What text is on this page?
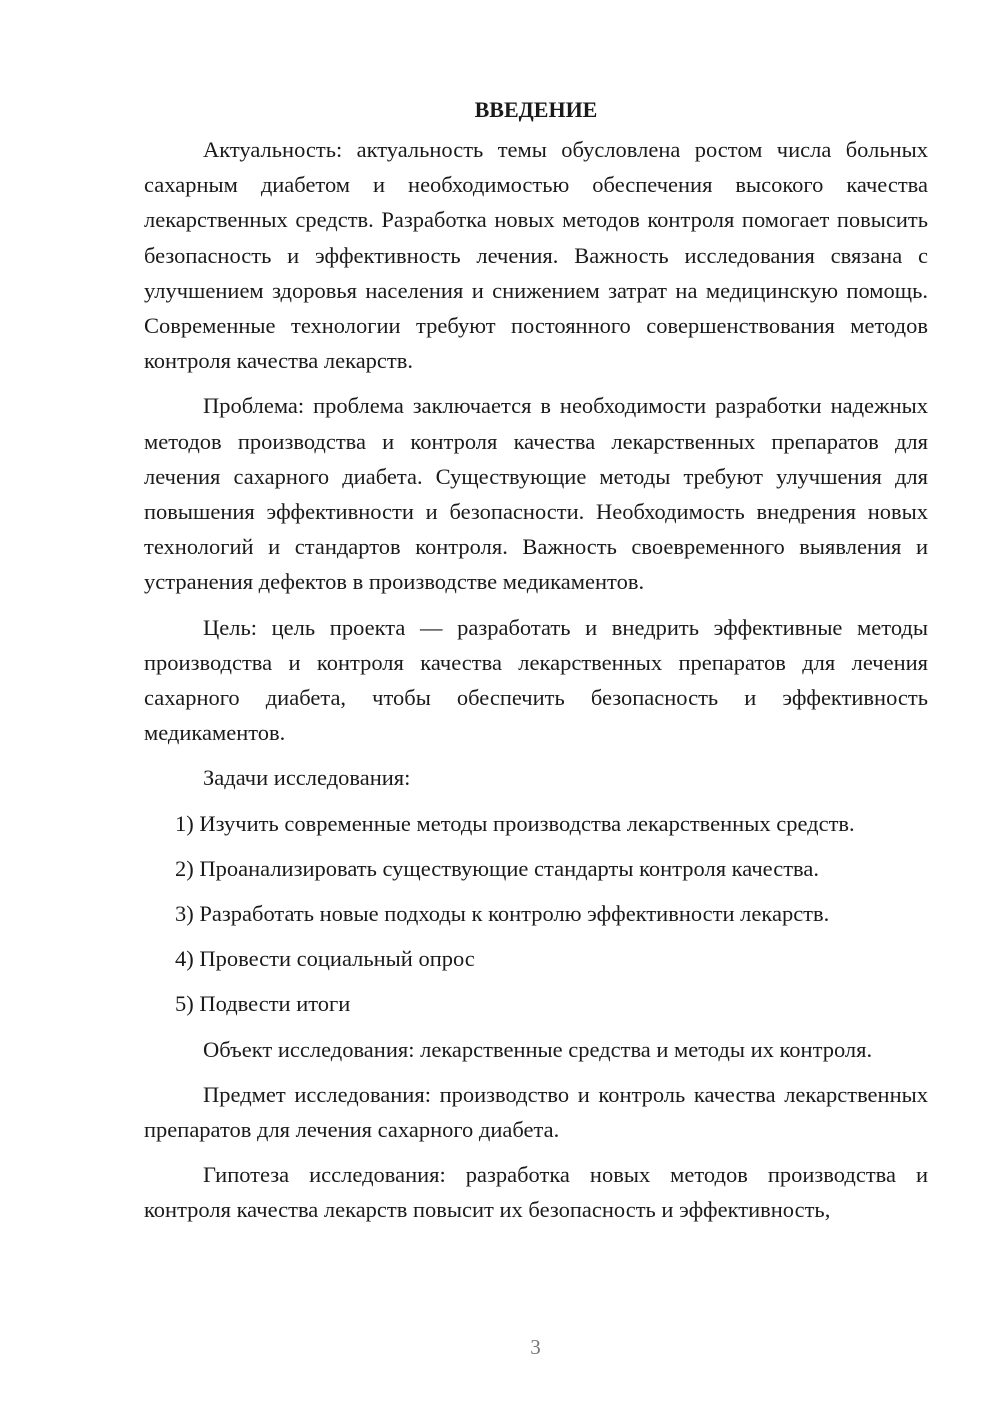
ВВЕДЕНИЕ

Актуальность: актуальность темы обусловлена ростом числа больных сахарным диабетом и необходимостью обеспечения высокого качества лекарственных средств. Разработка новых методов контроля помогает повысить безопасность и эффективность лечения. Важность исследования связана с улучшением здоровья населения и снижением затрат на медицинскую помощь. Современные технологии требуют постоянного совершенствования методов контроля качества лекарств.

Проблема: проблема заключается в необходимости разработки надежных методов производства и контроля качества лекарственных препаратов для лечения сахарного диабета. Существующие методы требуют улучшения для повышения эффективности и безопасности. Необходимость внедрения новых технологий и стандартов контроля. Важность своевременного выявления и устранения дефектов в производстве медикаментов.

Цель: цель проекта — разработать и внедрить эффективные методы производства и контроля качества лекарственных препаратов для лечения сахарного диабета, чтобы обеспечить безопасность и эффективность медикаментов.

Задачи исследования:

1) Изучить современные методы производства лекарственных средств.

2) Проанализировать существующие стандарты контроля качества.

3) Разработать новые подходы к контролю эффективности лекарств.

4) Провести социальный опрос

5) Подвести итоги

Объект исследования: лекарственные средства и методы их контроля.

Предмет исследования: производство и контроль качества лекарственных препаратов для лечения сахарного диабета.

Гипотеза исследования: разработка новых методов производства и контроля качества лекарств повысит их безопасность и эффективность,

3
